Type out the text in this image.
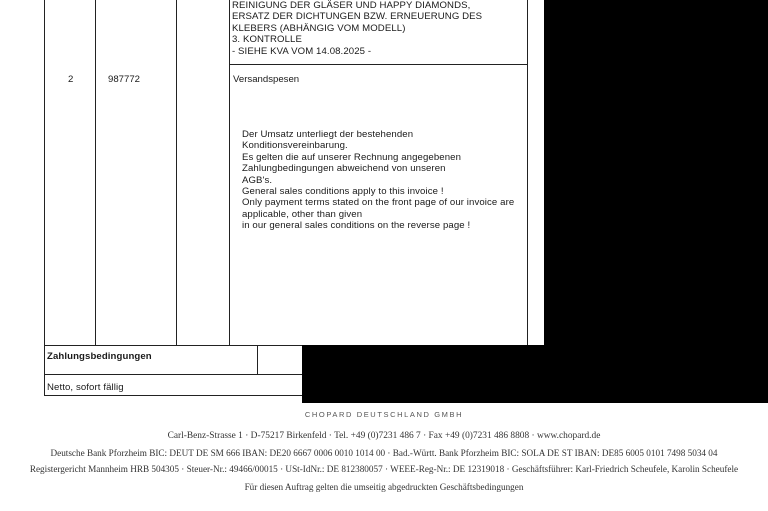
REINIGUNG DER GLÄSER UND HAPPY DIAMONDS,
ERSATZ DER DICHTUNGEN BZW. ERNEUERUNG DES
KLEBERS (ABHÄNGIG VOM MODELL)
3. KONTROLLE
- SIEHE KVA VOM 14.08.2025 -
2	987772	Versandspesen
Der Umsatz unterliegt der bestehenden
Konditionsvereinbarung.
Es gelten die auf unserer Rechnung angegebenen
Zahlungbedingungen abweichend von unseren
AGB's.
General sales conditions apply to this invoice !
Only payment terms stated on the front page of our invoice are
applicable, other than given
in our general sales conditions on the reverse page !
Zahlungsbedingungen
Netto, sofort fällig
CHOPARD DEUTSCHLAND GMBH
Carl-Benz-Strasse 1 · D-75217 Birkenfeld · Tel. +49 (0)7231 486 7 · Fax +49 (0)7231 486 8808 · www.chopard.de
Deutsche Bank Pforzheim BIC: DEUT DE SM 666 IBAN: DE20 6667 0006 0010 1014 00 · Bad.-Württ. Bank Pforzheim BIC: SOLA DE ST IBAN: DE85 6005 0101 7498 5034 04
Registergericht Mannheim HRB 504305 · Steuer-Nr.: 49466/00015 · USt-IdNr.: DE 812380057 · WEEE-Reg-Nr.: DE 12319018 · Geschäftsführer: Karl-Friedrich Scheufele, Karolin Scheufele
Für diesen Auftrag gelten die umseitig abgedruckten Geschäftsbedingungen
